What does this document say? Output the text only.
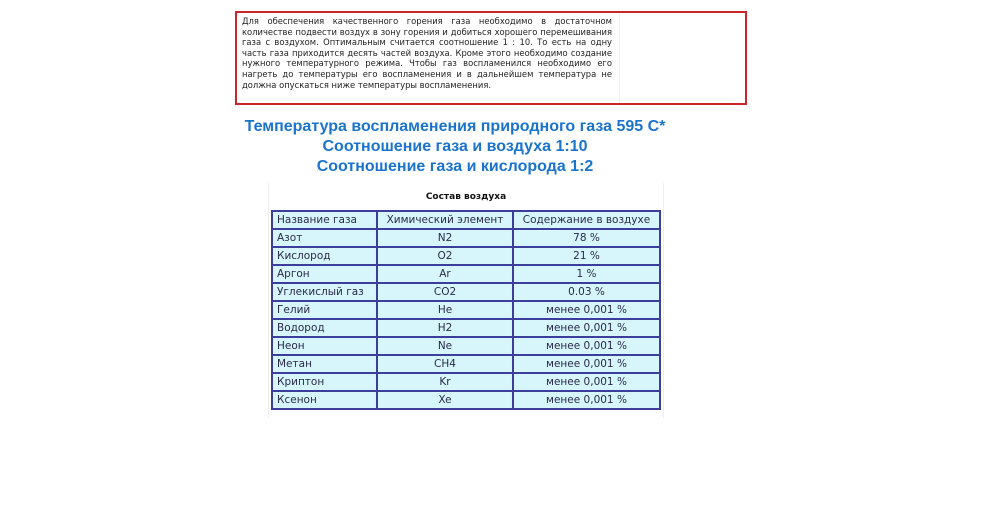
Для обеспечения качественного горения газа необходимо в достаточном количестве подвести воздух в зону горения и добиться хорошего перемешивания газа с воздухом. Оптимальным считается соотношение 1 : 10. То есть на одну часть газа приходится десять частей воздуха. Кроме этого необходимо создание нужного температурного режима. Чтобы газ воспламенился необходимо его нагреть до температуры его воспламенения и в дальнейшем температура не должна опускаться ниже температуры воспламенения.

Температура воспламенения природного газа 595 С*
Соотношение газа и воздуха 1:10
Соотношение газа и кислорода 1:2
Состав воздуха
Название газа	Химический элемент	Содержание в воздухе
Азот	N2	78 %
Кислород	O2	21 %
Аргон	Ar	1 %
Углекислый газ	CO2	0.03 %
Гелий	He	менее 0,001 %
Водород	H2	менее 0,001 %
Неон	Ne	менее 0,001 %
Метан	CH4	менее 0,001 %
Криптон	Kr	менее 0,001 %
Ксенон	Xe	менее 0,001 %
